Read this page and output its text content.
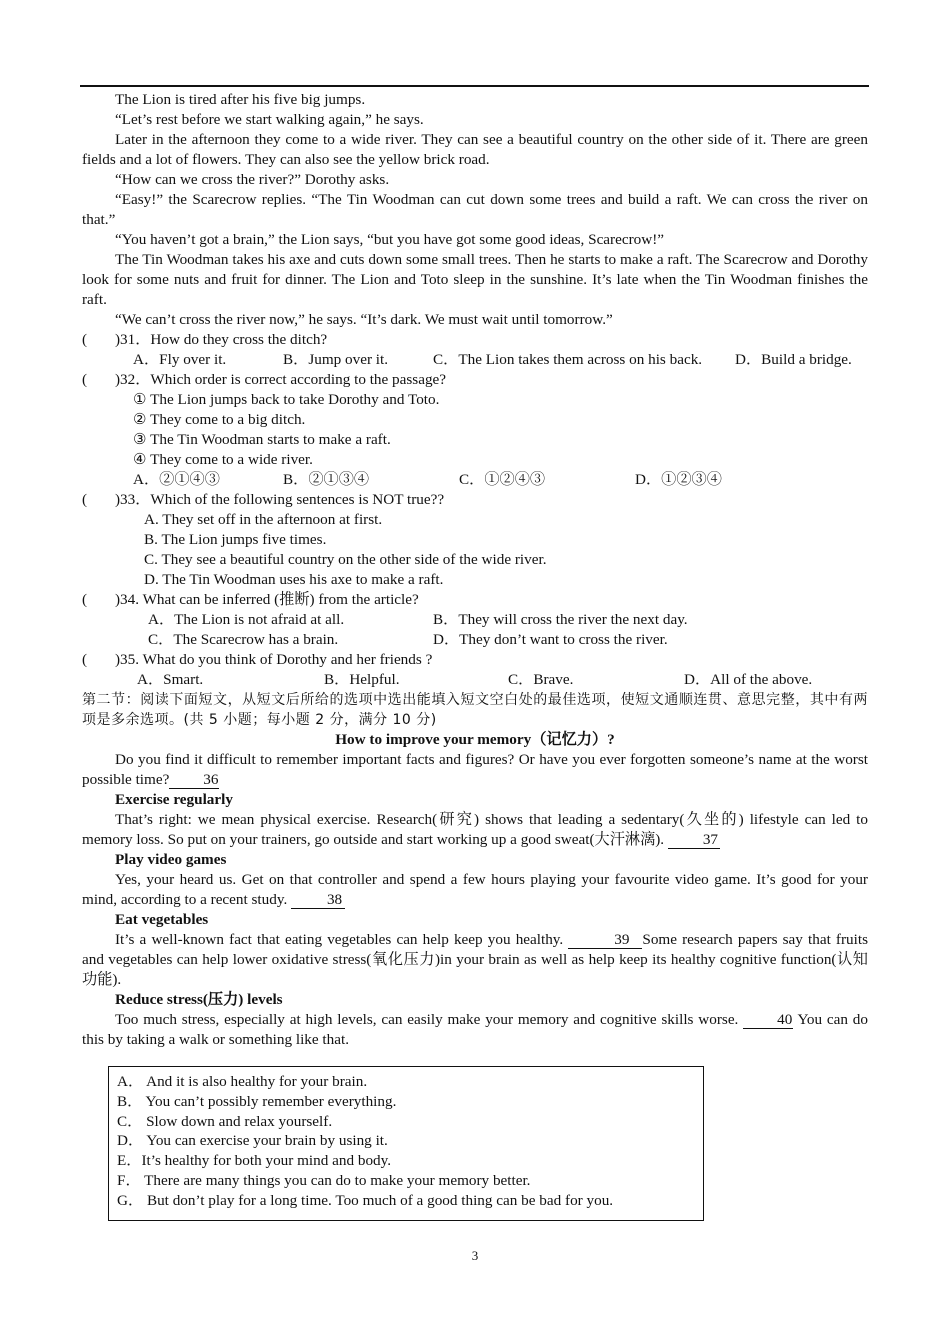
The Lion is tired after his five big jumps.

“Let’s rest before we start walking again,” he says.

Later in the afternoon they come to a wide river. They can see a beautiful country on the other side of it. There are green fields and a lot of flowers. They can also see the yellow brick road.

“How can we cross the river?” Dorothy asks.

“Easy!” the Scarecrow replies. “The Tin Woodman can cut down some trees and build a raft. We can cross the river on that.”

“You haven’t got a brain,” the Lion says, “but you have got some good ideas, Scarecrow!”

The Tin Woodman takes his axe and cuts down some small trees. Then he starts to make a raft. The Scarecrow and Dorothy look for some nuts and fruit for dinner. The Lion and Toto sleep in the sunshine. It’s late when the Tin Woodman finishes the raft.

“We can’t cross the river now,” he says. “It’s dark. We must wait until tomorrow.”

(	)31．How do they cross the ditch?
A．Fly over it.	B．Jump over it.	C．The Lion takes them across on his back.	D．Build a bridge.
(	)32．Which order is correct according to the passage?
① The Lion jumps back to take Dorothy and Toto.
② They come to a big ditch.
③ The Tin Woodman starts to make a raft.
④ They come to a wide river.
A．②①④③	B．②①③④	C．①②④③	D．①②③④
(	)33．Which of the following sentences is NOT true??
A. They set off in the afternoon at first.
B. The Lion jumps five times.
C. They see a beautiful country on the other side of the wide river.
D. The Tin Woodman uses his axe to make a raft.
(	)34. What can be inferred (推断) from the article?
A．The Lion is not afraid at all.	B．They will cross the river the next day.
C．The Scarecrow has a brain.	D．They don’t want to cross the river.
(	)35. What do you think of Dorothy and her friends ?
A．Smart.	B．Helpful.	C．Brave.	D．All of the above.

第二节：阅读下面短文，从短文后所给的选项中选出能填入短文空白处的最佳选项，使短文通顺连贯、意思完整，其中有两项是多余选项。(共 5 小题；每小题 2 分，满分 10 分)

How to improve your memory（记忆力）?

Do you find it difficult to remember important facts and figures? Or have you ever forgotten someone’s name at the worst possible time? 36

Exercise regularly

That’s right: we mean physical exercise. Research(研究) shows that leading a sedentary(久坐的) lifestyle can led to memory loss. So put on your trainers, go outside and start working up a good sweat(大汗淋漓). 37

Play video games

Yes, your heard us. Get on that controller and spend a few hours playing your favourite video game. It’s good for your mind, according to a recent study. 38

Eat vegetables

It’s a well-known fact that eating vegetables can help keep you healthy.	39 Some research papers say that fruits and vegetables can help lower oxidative stress(氧化压力)in your brain as well as help keep its healthy cognitive function(认知功能).

Reduce stress(压力) levels

Too much stress, especially at high levels, can easily make your memory and cognitive skills worse. 40 You can do this by taking a walk or something like that.

A． And it is also healthy for your brain.
B． You can’t possibly remember everything.
C． Slow down and relax yourself.
D． You can exercise your brain by using it.
E．It’s healthy for both your mind and body.
F． There are many things you can do to make your memory better.
G． But don’t play for a long time. Too much of a good thing can be bad for you.
3
